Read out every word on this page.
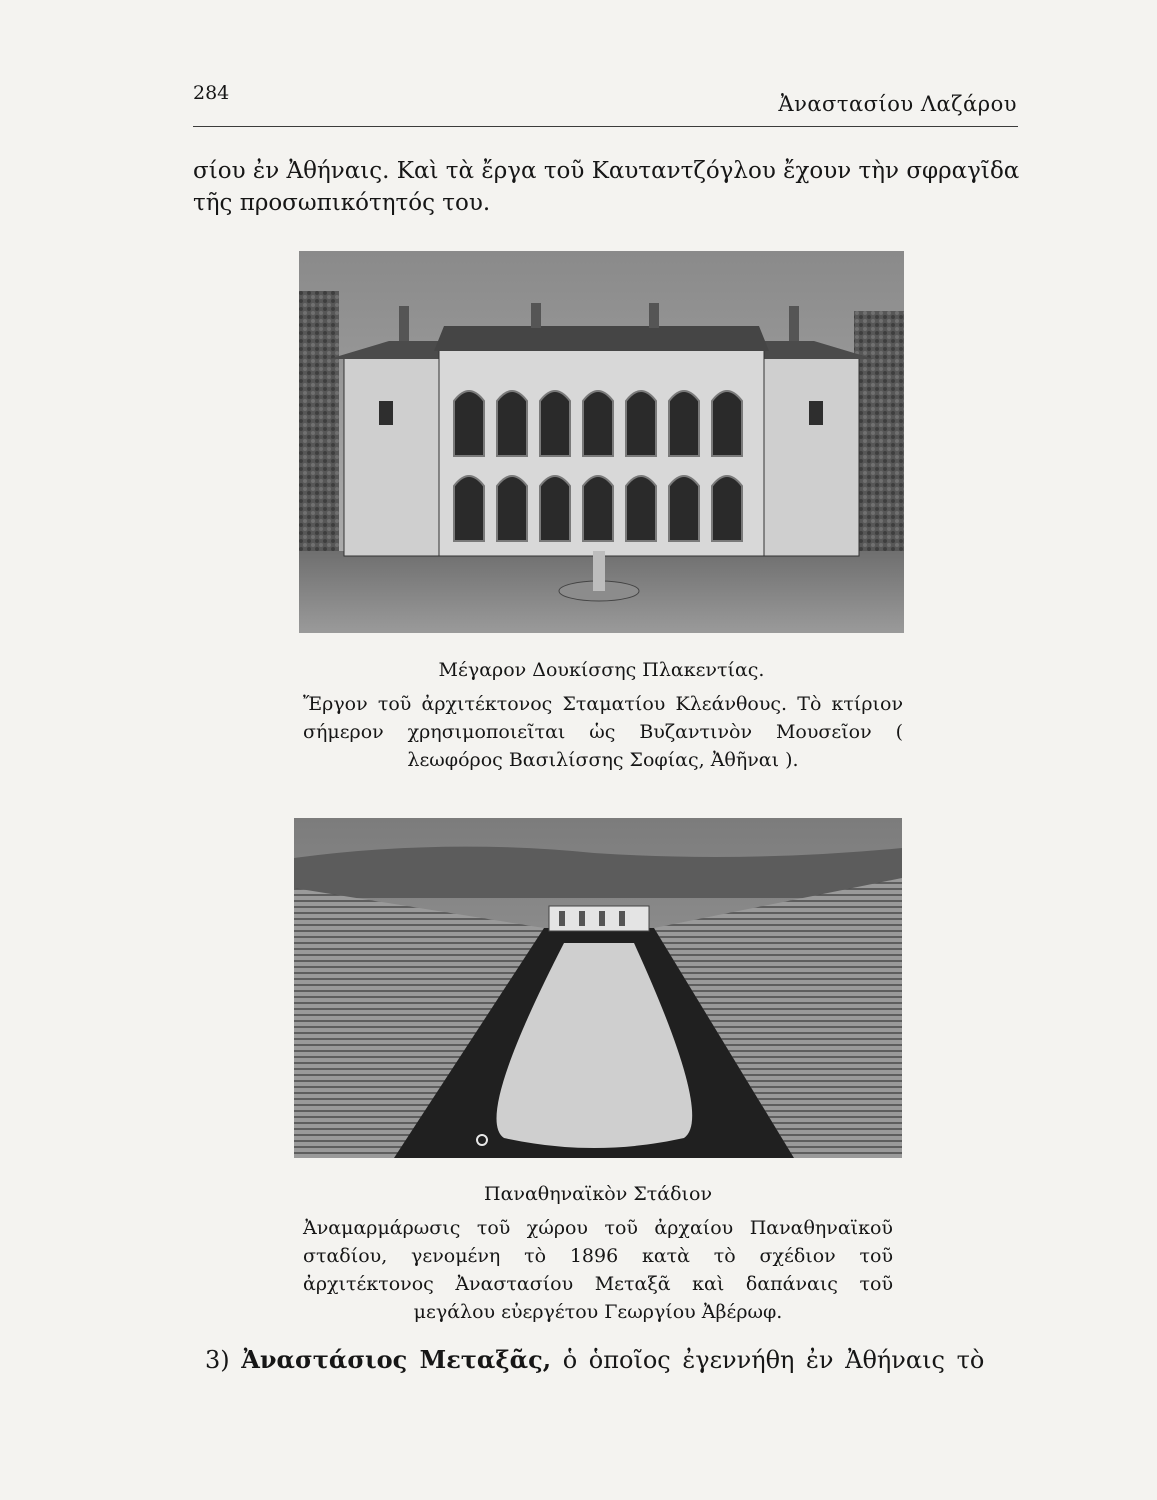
284	Ἀναστασίου Λαζάρου
σίου ἐν Ἀθήναις. Καὶ τὰ ἔργα τοῦ Καυταντζόγλου ἔχουν τὴν σφραγῖδα
τῆς προσωπικότητός του.
Μέγαρον Δουκίσσης Πλακεντίας.
Ἔργον τοῦ ἀρχιτέκτονος Σταματίου Κλεάνθους. Τὸ κτίριον σήμερον χρησιμοποιεῖται ὡς Βυζαντινὸν Μουσεῖον ( λεωφόρος Βασιλίσσης Σοφίας, Ἀθῆναι ).
Παναθηναϊκὸν Στάδιον
Ἀναμαρμάρωσις τοῦ χώρου τοῦ ἀρχαίου Παναθηναϊκοῦ σταδίου, γενομένη τὸ 1896 κατὰ τὸ σχέδιον τοῦ ἀρχιτέκτονος Ἀναστασίου Μεταξᾶ καὶ δαπάναις τοῦ μεγάλου εὐεργέτου Γεωργίου Ἀβέρωφ.
3) Ἀναστάσιος Μεταξᾶς, ὁ ὁποῖος ἐγεννήθη ἐν Ἀθήναις τὸ
